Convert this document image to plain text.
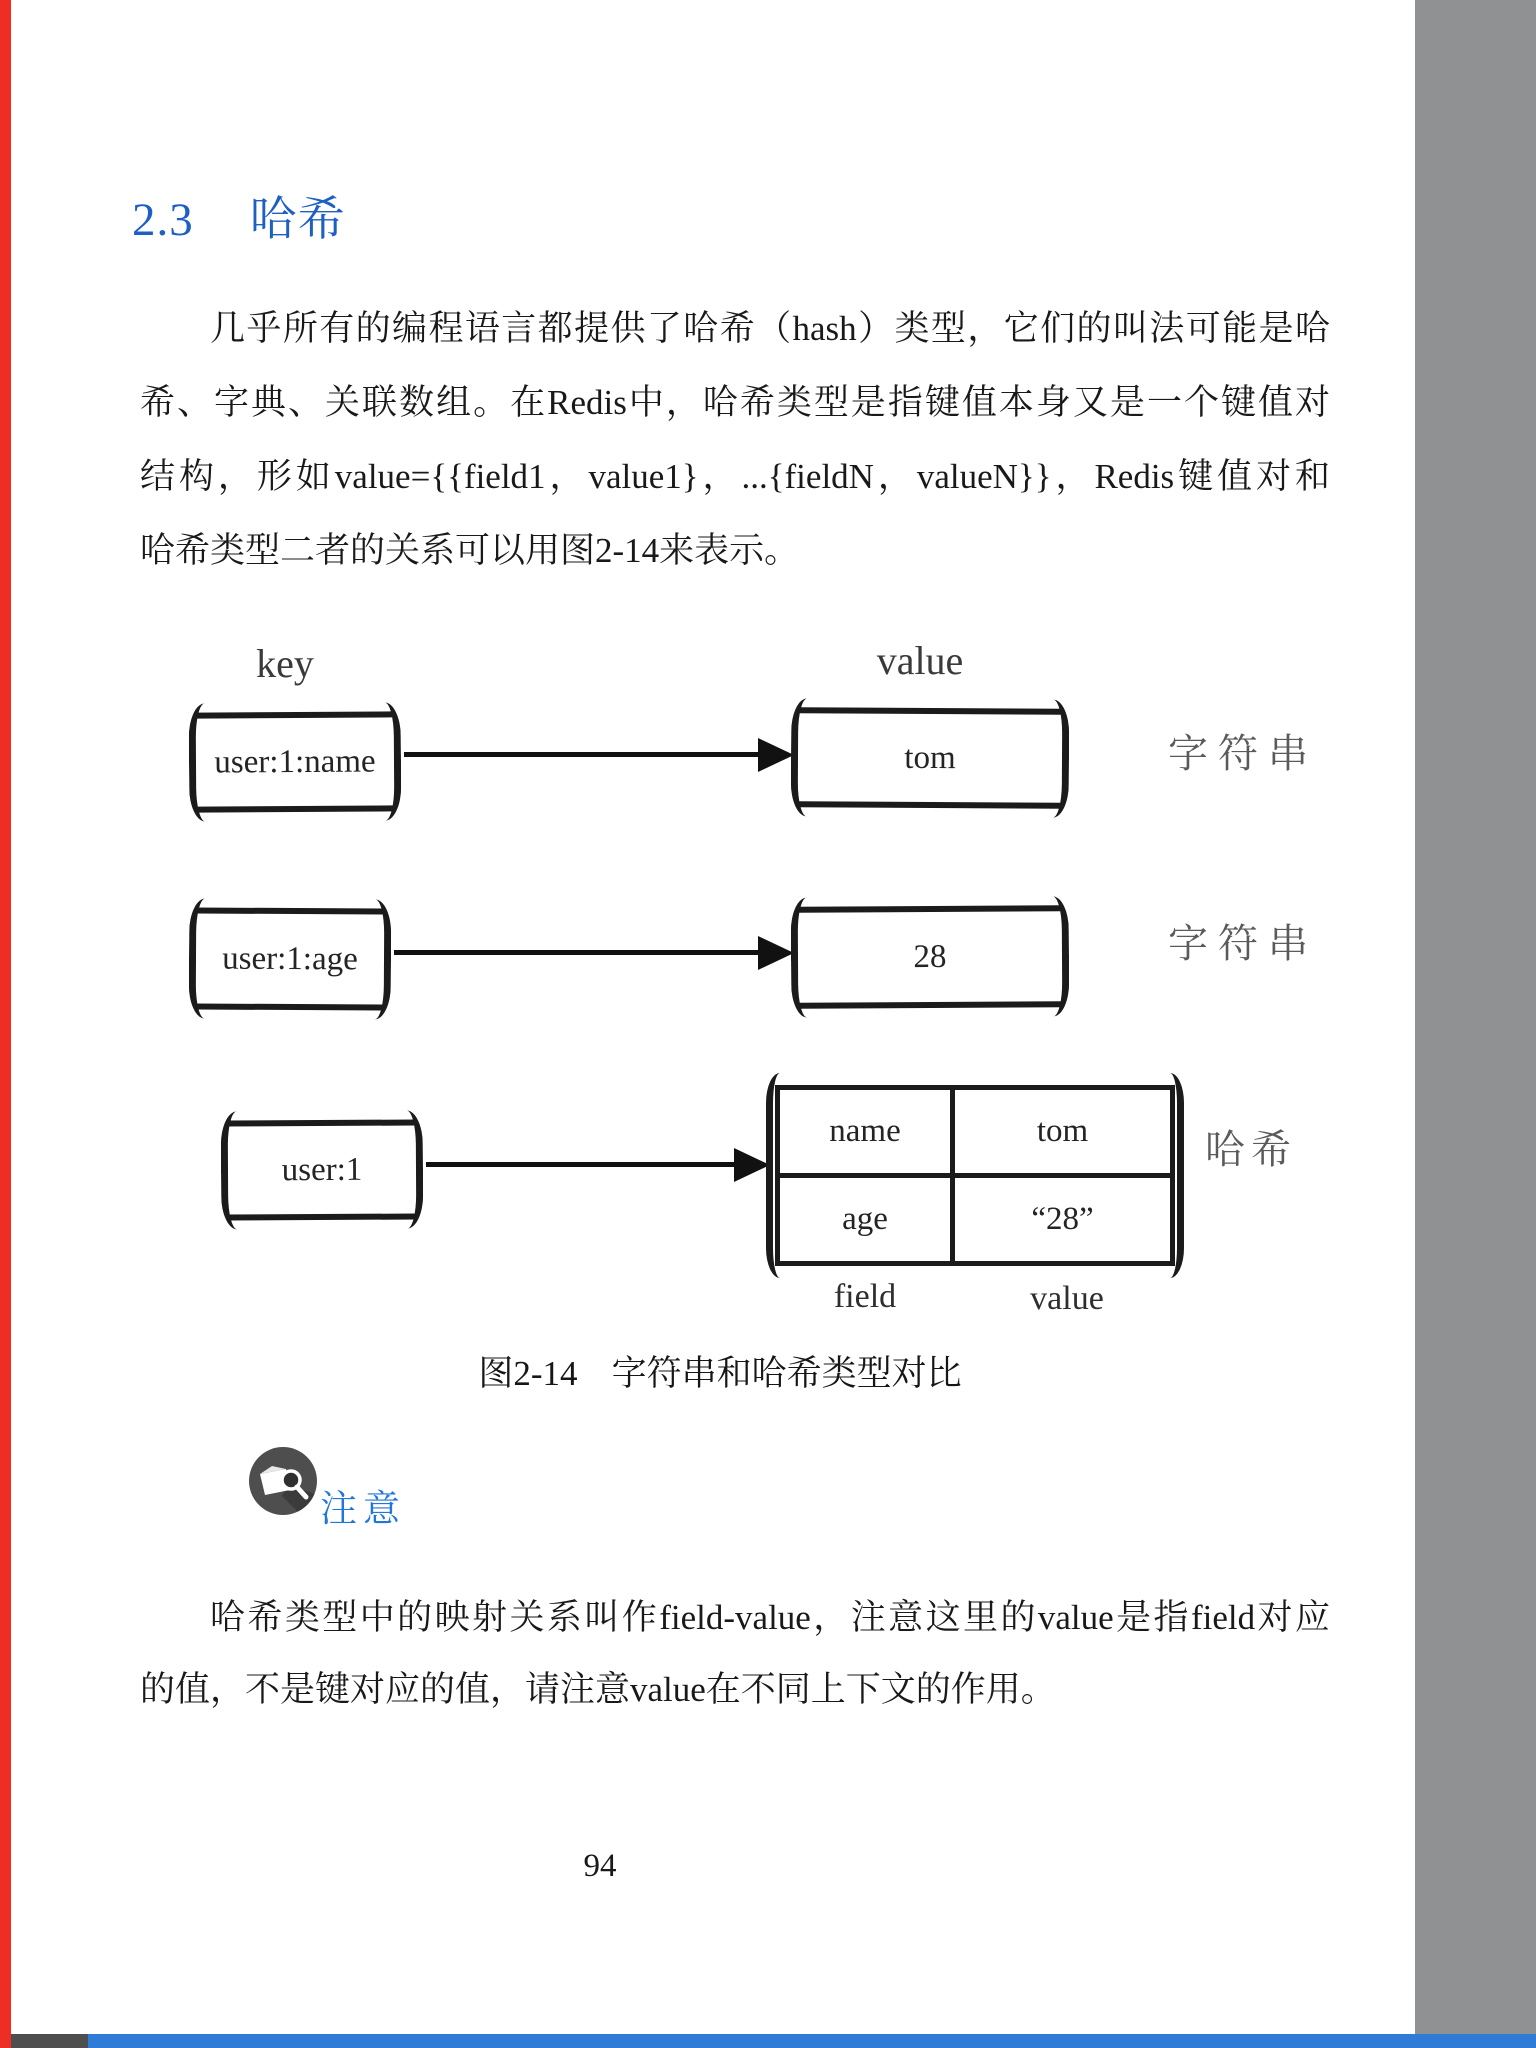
2.3 哈希
几乎所有的编程语言都提供了哈希（hash）类型，它们的叫法可能是哈
希、字典、关联数组。在Redis中，哈希类型是指键值本身又是一个键值对
结构，形如value={{field1，value1}，...{fieldN，valueN}}，Redis键值对和
哈希类型二者的关系可以用图2-14来表示。
key	value
user:1:name	tom	字符串
user:1:age	28	字符串
user:1
name	tom
age	“28”
哈希
field	value
图2-14 字符串和哈希类型对比
注意
哈希类型中的映射关系叫作field-value，注意这里的value是指field对应
的值，不是键对应的值，请注意value在不同上下文的作用。
94
